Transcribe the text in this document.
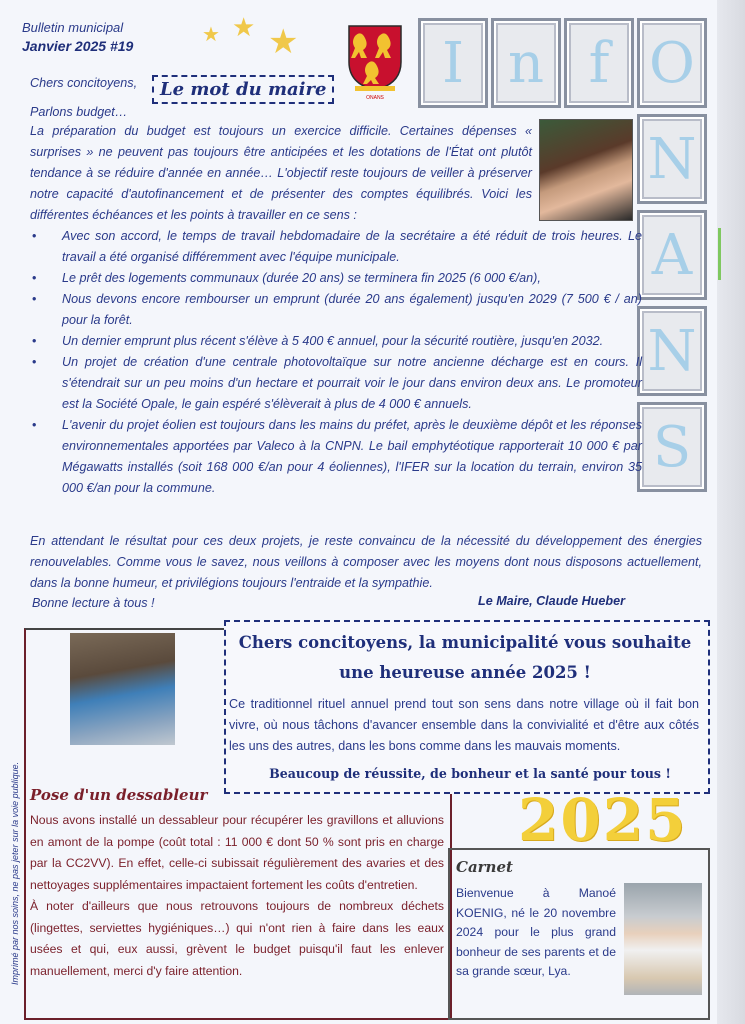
Bulletin municipal
Janvier 2025 #19	★ ★ ★
ONANS
I n f O
N
A
N
S
Le mot du maire
Chers concitoyens,
Parlons budget…
La préparation du budget est toujours un exercice difficile. Certaines dépenses « surprises » ne peuvent pas toujours être anticipées et les dotations de l'État ont plutôt tendance à se réduire d'année en année… L'objectif reste toujours de veiller à préserver notre capacité d'autofinancement et de présenter des comptes équilibrés. Voici les différentes échéances et les points à travailler en ce sens :
• Avec son accord, le temps de travail hebdomadaire de la secrétaire a été réduit de trois heures. Le travail a été organisé différemment avec l'équipe municipale.
• Le prêt des logements communaux (durée 20 ans) se terminera fin 2025 (6 000 €/an),
• Nous devons encore rembourser un emprunt (durée 20 ans également) jusqu'en 2029 (7 500 € / an) pour la forêt.
• Un dernier emprunt plus récent s'élève à 5 400 € annuel, pour la sécurité routière, jusqu'en 2032.
• Un projet de création d'une centrale photovoltaïque sur notre ancienne décharge est en cours. Il s'étendrait sur un peu moins d'un hectare et pourrait voir le jour dans environ deux ans. Le promoteur est la Société Opale, le gain espéré s'élèverait à plus de 4 000 € annuels.
• L'avenir du projet éolien est toujours dans les mains du préfet, après le deuxième dépôt et les réponses environnementales apportées par Valeco à la CNPN. Le bail emphytéotique rapporterait 10 000 € par Mégawatts installés (soit 168 000 €/an pour 4 éoliennes), l'IFER sur la location du terrain, environ 35 000 €/an pour la commune.
En attendant le résultat pour ces deux projets, je reste convaincu de la nécessité du développement des énergies renouvelables. Comme vous le savez, nous veillons à composer avec les moyens dont nous disposons actuellement, dans la bonne humeur, et privilégions toujours l'entraide et la sympathie.
Bonne lecture à tous !	Le Maire, Claude Hueber
Chers concitoyens, la municipalité vous souhaite une heureuse année 2025 !
Ce traditionnel rituel annuel prend tout son sens dans notre village où il fait bon vivre, où nous tâchons d'avancer ensemble dans la convivialité et d'être aux côtés les uns des autres, dans les bons comme dans les mauvais moments.
Beaucoup de réussite, de bonheur et la santé pour tous !
Pose d'un dessableur
Nous avons installé un dessableur pour récupérer les gravillons et alluvions en amont de la pompe (coût total : 11 000 € dont 50 % sont pris en charge par la CC2VV). En effet, celle-ci subissait régulièrement des avaries et des nettoyages supplémentaires impactaient fortement les coûts d'entretien.
À noter d'ailleurs que nous retrouvons toujours de nombreux déchets (lingettes, serviettes hygiéniques…) qui n'ont rien à faire dans les eaux usées et qui, eux aussi, grèvent le budget puisqu'il faut les enlever manuellement, merci d'y faire attention.
2025
Carnet
Bienvenue à Manoé KOENIG, né le 20 novembre 2024 pour le plus grand bonheur de ses parents et de sa grande sœur, Lya.
Imprimé par nos soins, ne pas jeter sur la voie publique.
